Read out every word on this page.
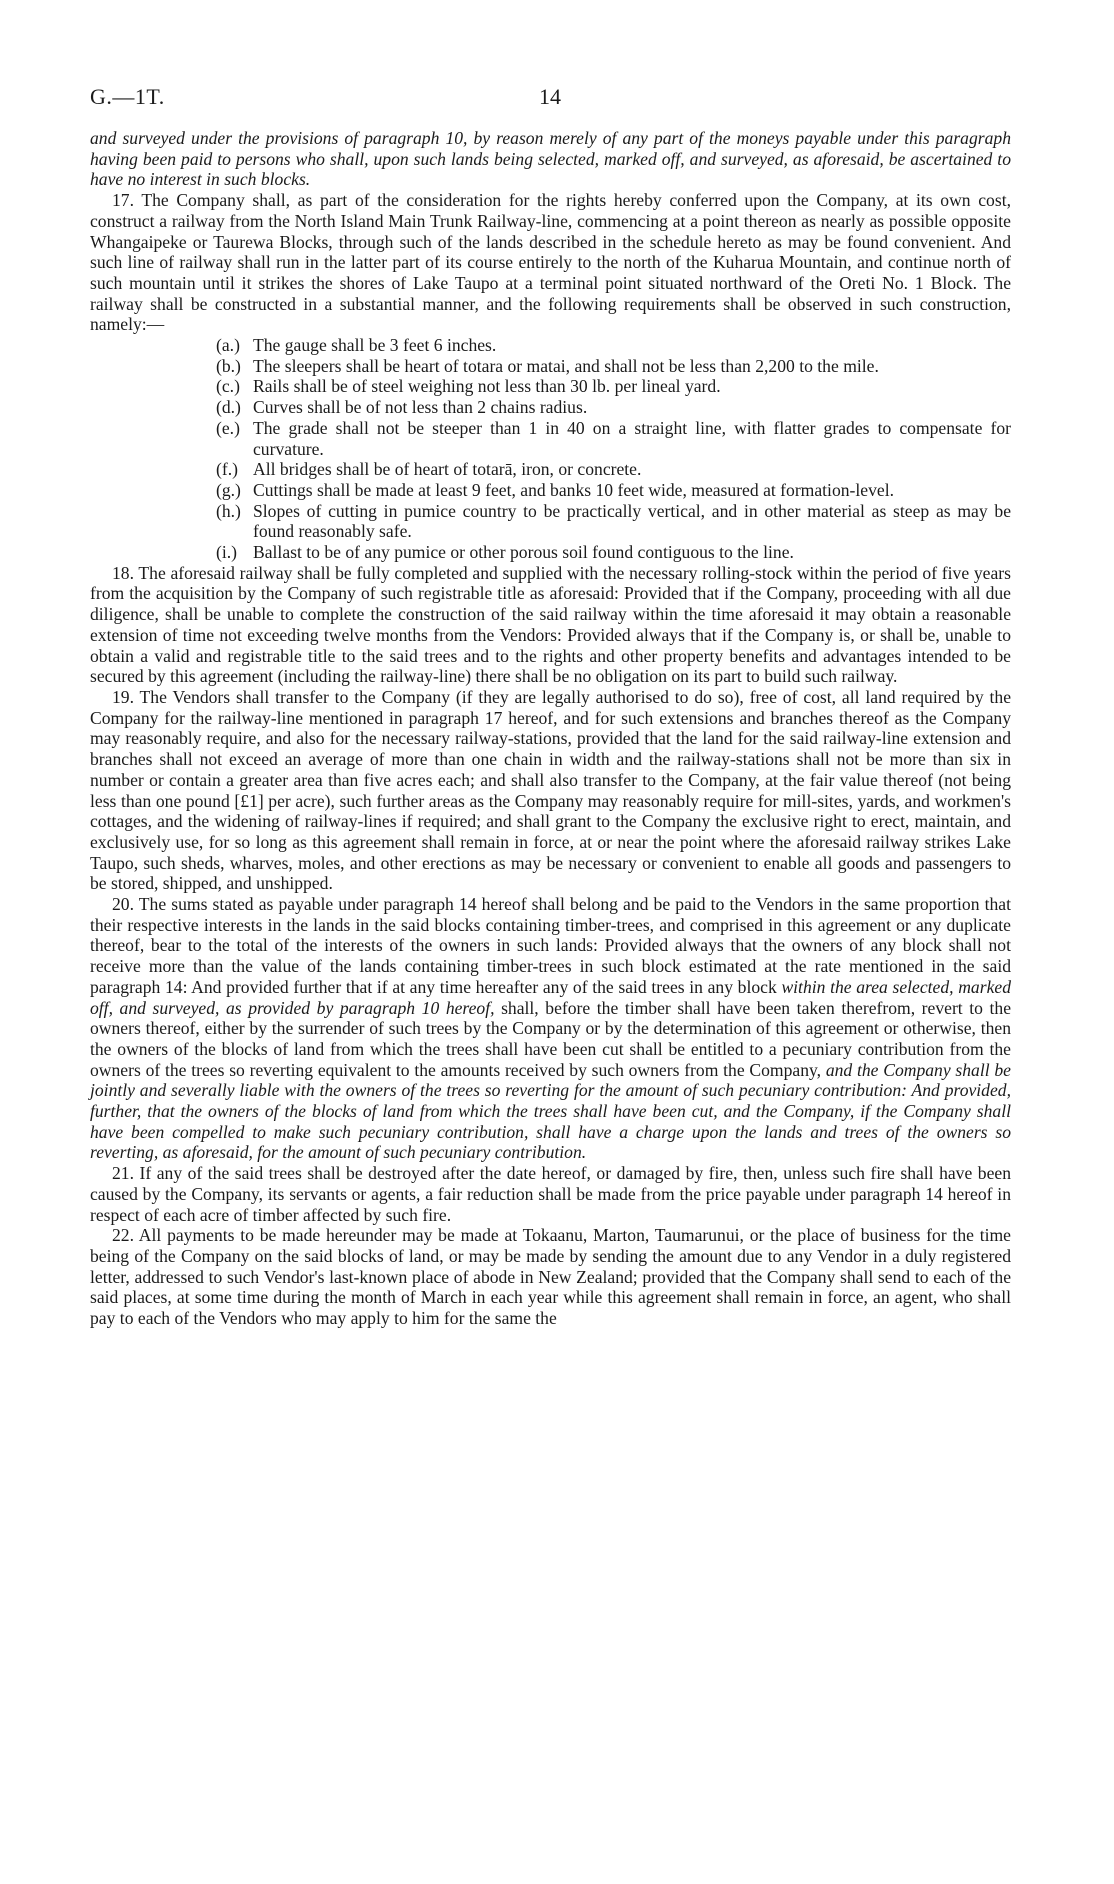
G.—1T.	14

and surveyed under the provisions of paragraph 10, by reason merely of any part of the moneys payable under this paragraph having been paid to persons who shall, upon such lands being selected, marked off, and surveyed, as aforesaid, be ascertained to have no interest in such blocks.

17. The Company shall, as part of the consideration for the rights hereby conferred upon the Company, at its own cost, construct a railway from the North Island Main Trunk Railway-line, commencing at a point thereon as nearly as possible opposite Whangaipeke or Taurewa Blocks, through such of the lands described in the schedule hereto as may be found convenient. And such line of railway shall run in the latter part of its course entirely to the north of the Kuharua Mountain, and continue north of such mountain until it strikes the shores of Lake Taupo at a terminal point situated northward of the Oreti No. 1 Block. The railway shall be constructed in a substantial manner, and the following requirements shall be observed in such construction, namely:—

(a.) The gauge shall be 3 feet 6 inches.
(b.) The sleepers shall be heart of totara or matai, and shall not be less than 2,200 to the mile.
(c.) Rails shall be of steel weighing not less than 30 lb. per lineal yard.
(d.) Curves shall be of not less than 2 chains radius.
(e.) The grade shall not be steeper than 1 in 40 on a straight line, with flatter grades to compensate for curvature.
(f.) All bridges shall be of heart of totarā, iron, or concrete.
(g.) Cuttings shall be made at least 9 feet, and banks 10 feet wide, measured at formation-level.
(h.) Slopes of cutting in pumice country to be practically vertical, and in other material as steep as may be found reasonably safe.
(i.) Ballast to be of any pumice or other porous soil found contiguous to the line.

18. The aforesaid railway shall be fully completed and supplied with the necessary rolling-stock within the period of five years from the acquisition by the Company of such registrable title as aforesaid: Provided that if the Company, proceeding with all due diligence, shall be unable to complete the construction of the said railway within the time aforesaid it may obtain a reasonable extension of time not exceeding twelve months from the Vendors: Provided always that if the Company is, or shall be, unable to obtain a valid and registrable title to the said trees and to the rights and other property benefits and advantages intended to be secured by this agreement (including the railway-line) there shall be no obligation on its part to build such railway.

19. The Vendors shall transfer to the Company (if they are legally authorised to do so), free of cost, all land required by the Company for the railway-line mentioned in paragraph 17 hereof, and for such extensions and branches thereof as the Company may reasonably require, and also for the necessary railway-stations, provided that the land for the said railway-line extension and branches shall not exceed an average of more than one chain in width and the railway-stations shall not be more than six in number or contain a greater area than five acres each; and shall also transfer to the Company, at the fair value thereof (not being less than one pound [£1] per acre), such further areas as the Company may reasonably require for mill-sites, yards, and workmen's cottages, and the widening of railway-lines if required; and shall grant to the Company the exclusive right to erect, maintain, and exclusively use, for so long as this agreement shall remain in force, at or near the point where the aforesaid railway strikes Lake Taupo, such sheds, wharves, moles, and other erections as may be necessary or convenient to enable all goods and passengers to be stored, shipped, and unshipped.

20. The sums stated as payable under paragraph 14 hereof shall belong and be paid to the Vendors in the same proportion that their respective interests in the lands in the said blocks containing timber-trees, and comprised in this agreement or any duplicate thereof, bear to the total of the interests of the owners in such lands: Provided always that the owners of any block shall not receive more than the value of the lands containing timber-trees in such block estimated at the rate mentioned in the said paragraph 14: And provided further that if at any time hereafter any of the said trees in any block within the area selected, marked off, and surveyed, as provided by paragraph 10 hereof, shall, before the timber shall have been taken therefrom, revert to the owners thereof, either by the surrender of such trees by the Company or by the determination of this agreement or otherwise, then the owners of the blocks of land from which the trees shall have been cut shall be entitled to a pecuniary contribution from the owners of the trees so reverting equivalent to the amounts received by such owners from the Company, and the Company shall be jointly and severally liable with the owners of the trees so reverting for the amount of such pecuniary contribution: And provided, further, that the owners of the blocks of land from which the trees shall have been cut, and the Company, if the Company shall have been compelled to make such pecuniary contribution, shall have a charge upon the lands and trees of the owners so reverting, as aforesaid, for the amount of such pecuniary contribution.

21. If any of the said trees shall be destroyed after the date hereof, or damaged by fire, then, unless such fire shall have been caused by the Company, its servants or agents, a fair reduction shall be made from the price payable under paragraph 14 hereof in respect of each acre of timber affected by such fire.

22. All payments to be made hereunder may be made at Tokaanu, Marton, Taumarunui, or the place of business for the time being of the Company on the said blocks of land, or may be made by sending the amount due to any Vendor in a duly registered letter, addressed to such Vendor's last-known place of abode in New Zealand; provided that the Company shall send to each of the said places, at some time during the month of March in each year while this agreement shall remain in force, an agent, who shall pay to each of the Vendors who may apply to him for the same the
